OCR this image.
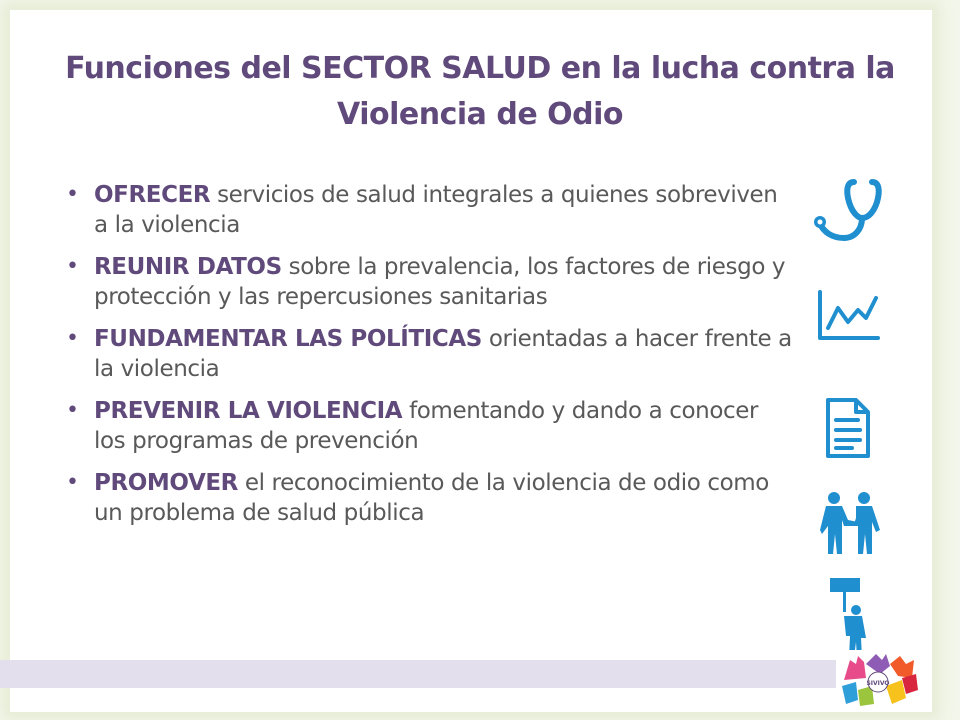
Funciones del SECTOR SALUD en la lucha contra la Violencia de Odio
• OFRECER servicios de salud integrales a quienes sobreviven a la violencia
• REUNIR DATOS sobre la prevalencia, los factores de riesgo y protección y las repercusiones sanitarias
• FUNDAMENTAR LAS POLÍTICAS orientadas a hacer frente a la violencia
• PREVENIR LA VIOLENCIA fomentando y dando a conocer los programas de prevención
• PROMOVER el reconocimiento de la violencia de odio como un problema de salud pública
SIVIVO
